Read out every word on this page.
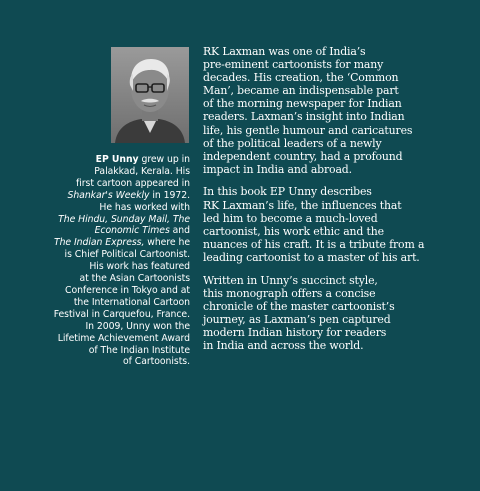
EP Unny grew up in
Palakkad, Kerala. His
first cartoon appeared in
Shankar's Weekly in 1972.
He has worked with
The Hindu, Sunday Mail, The
Economic Times and
The Indian Express, where he
is Chief Political Cartoonist.
His work has featured
at the Asian Cartoonists
Conference in Tokyo and at
the International Cartoon
Festival in Carquefou, France.
In 2009, Unny won the
Lifetime Achievement Award
of The Indian Institute
of Cartoonists.
RK Laxman was one of India’s
pre-eminent cartoonists for many
decades. His creation, the ‘Common
Man’, became an indispensable part
of the morning newspaper for Indian
readers. Laxman’s insight into Indian
life, his gentle humour and caricatures
of the political leaders of a newly
independent country, had a profound
impact in India and abroad.
In this book EP Unny describes
RK Laxman’s life, the influences that
led him to become a much-loved
cartoonist, his work ethic and the
nuances of his craft. It is a tribute from a
leading cartoonist to a master of his art.
Written in Unny’s succinct style,
this monograph offers a concise
chronicle of the master cartoonist’s
journey, as Laxman’s pen captured
modern Indian history for readers
in India and across the world.
